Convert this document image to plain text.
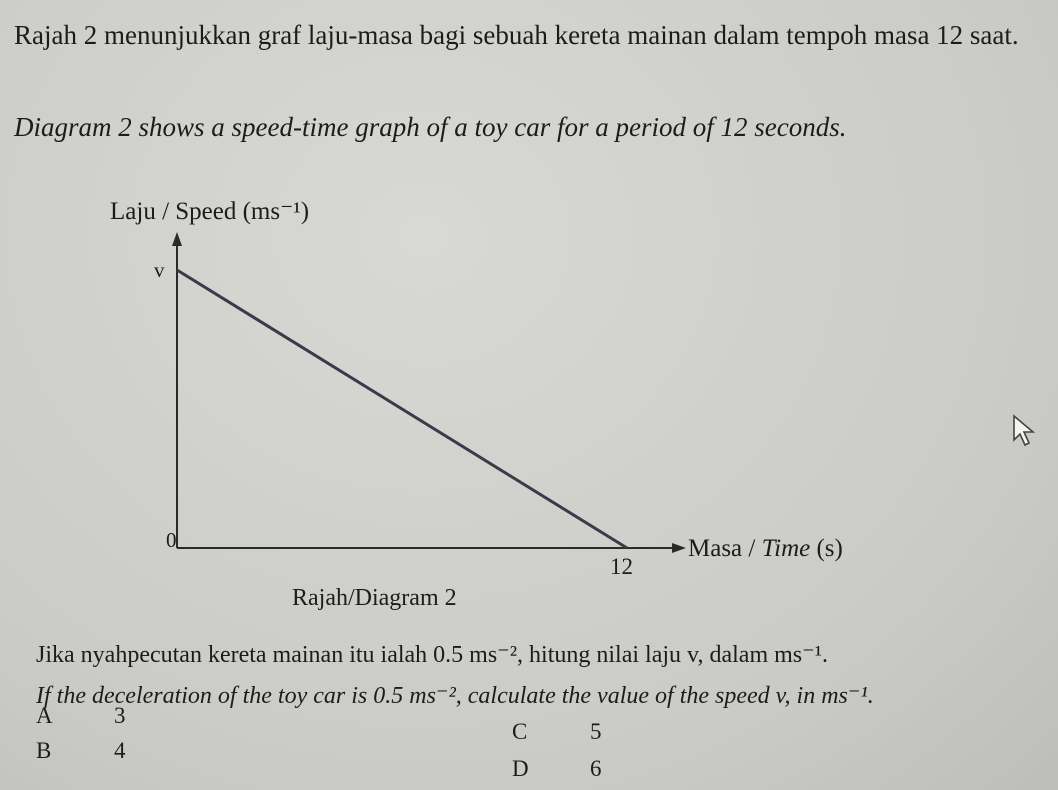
Rajah 2 menunjukkan graf laju-masa bagi sebuah kereta mainan dalam tempoh masa 12 saat.
Diagram 2 shows a speed-time graph of a toy car for a period of 12 seconds.
Laju / Speed (ms⁻¹)
v
0
12
Masa / Time (s)
Rajah/Diagram 2
Jika nyahpecutan kereta mainan itu ialah 0.5 ms⁻², hitung nilai laju v, dalam ms⁻¹.
If the deceleration of the toy car is 0.5 ms⁻², calculate the value of the speed v, in ms⁻¹.
A	3
B	4
C	5
D	6
